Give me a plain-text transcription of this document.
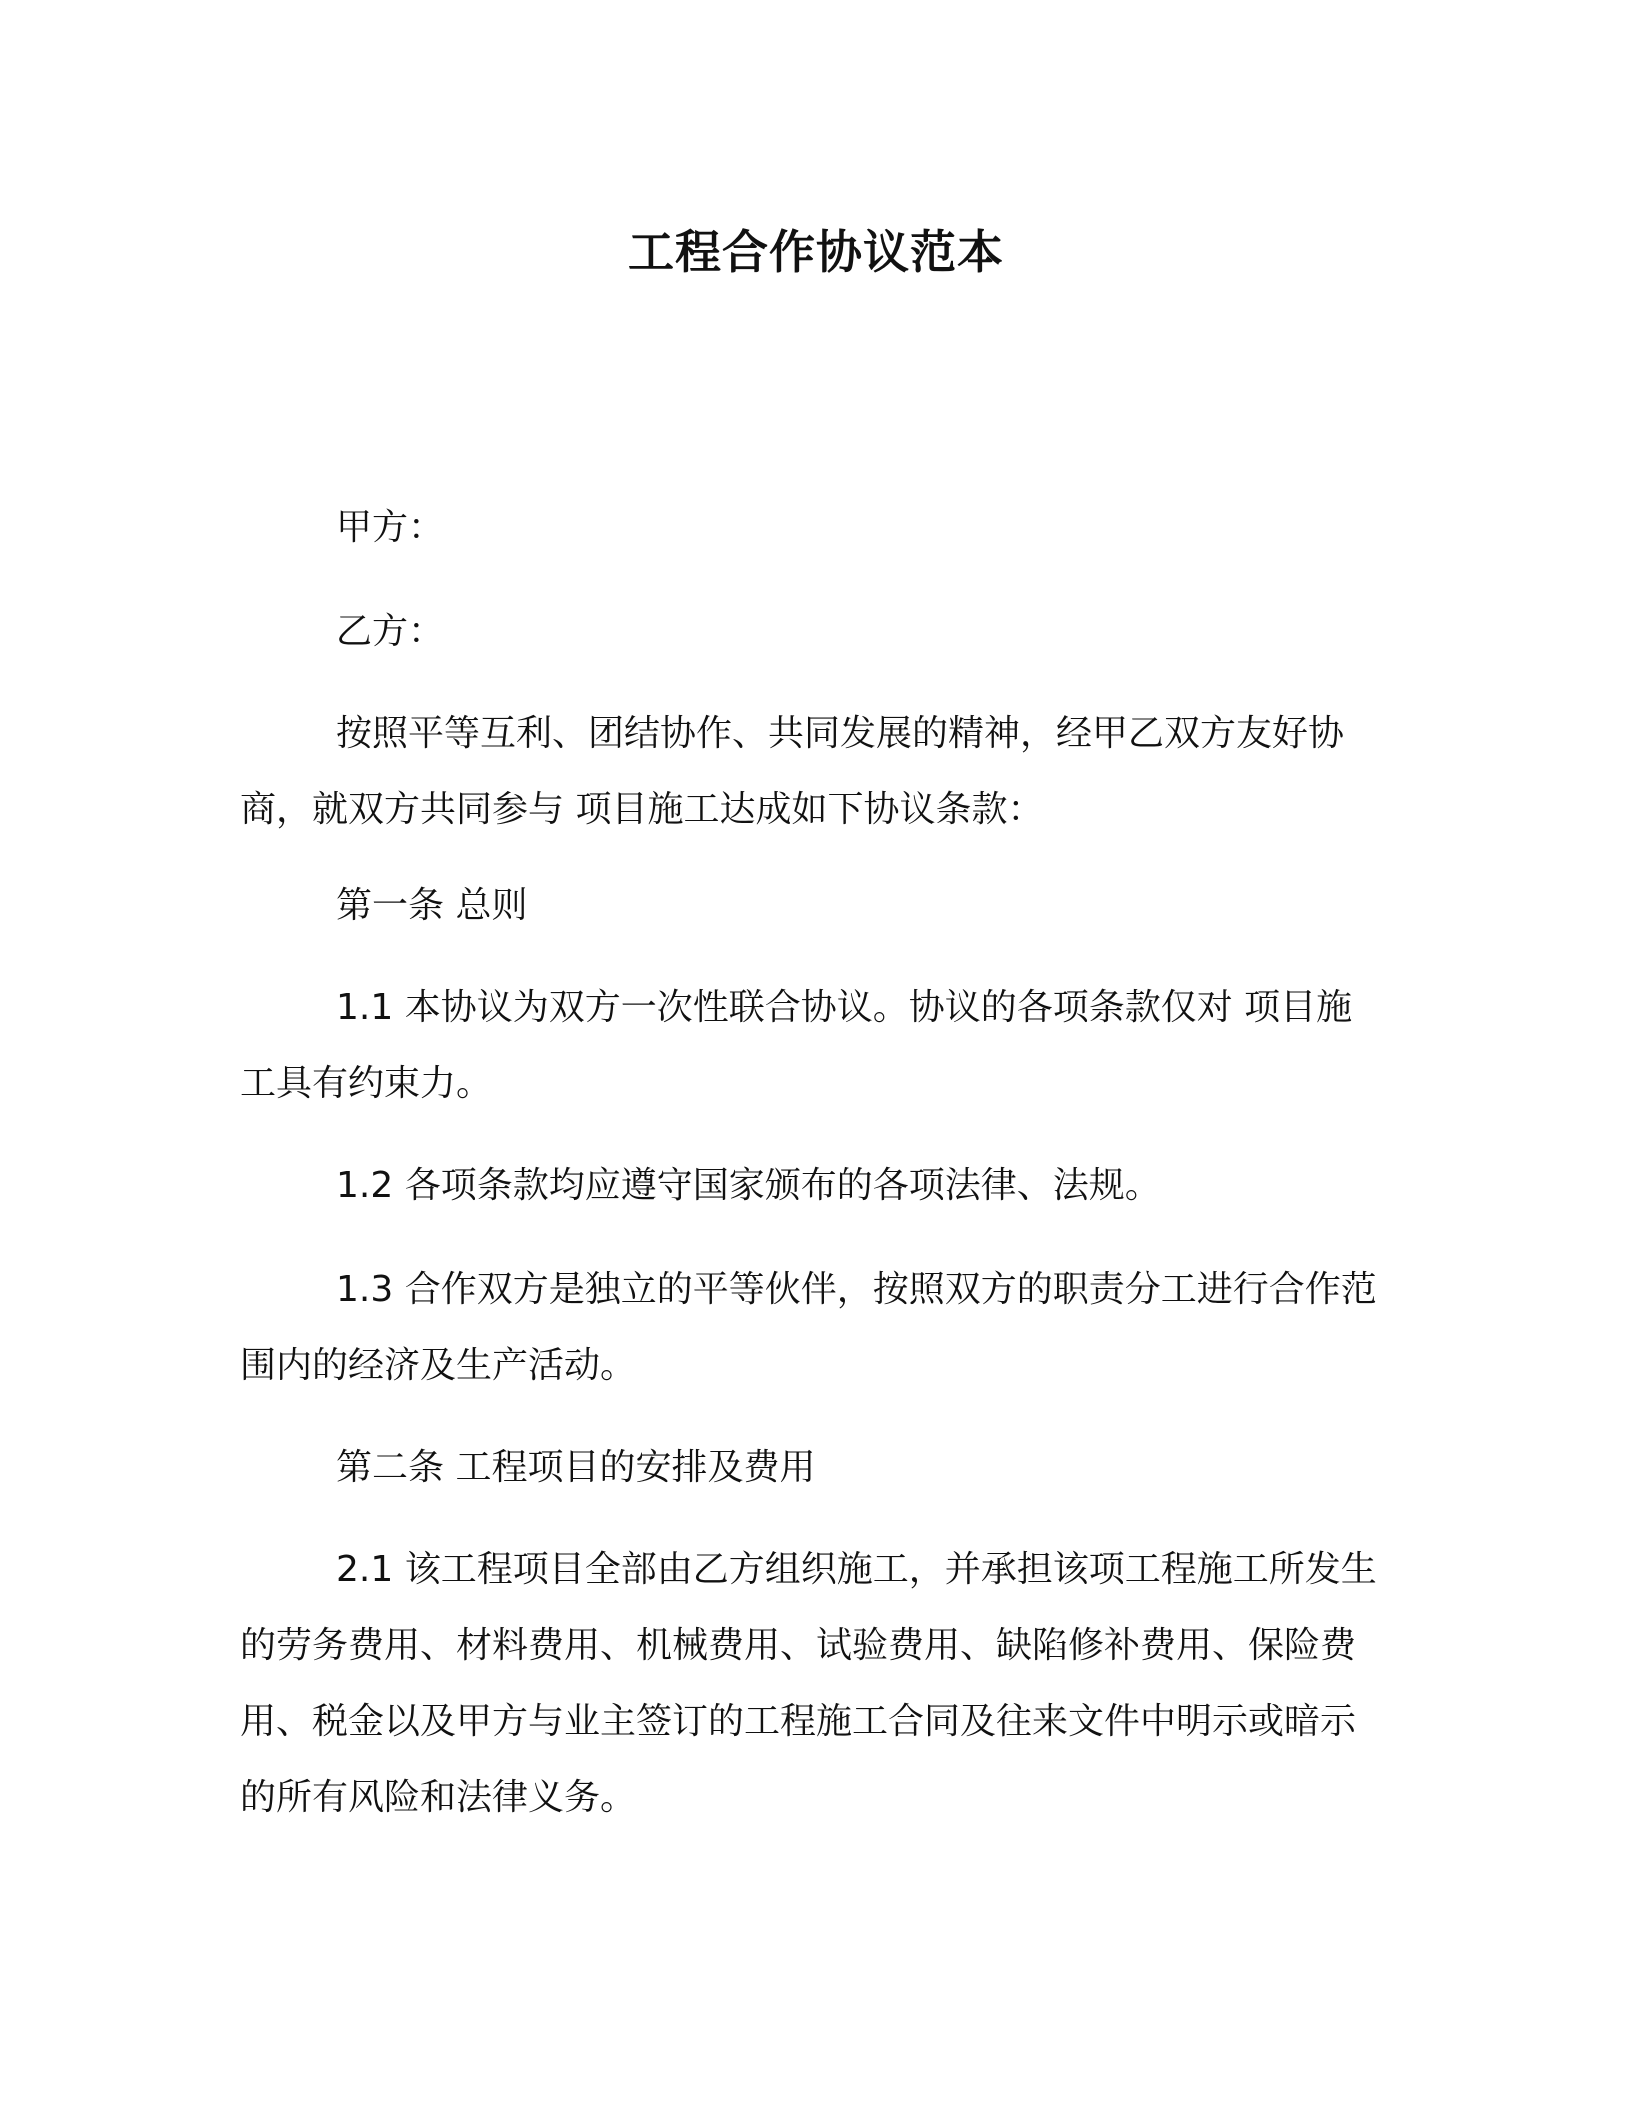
工程合作协议范本

甲方：

乙方：

按照平等互利、团结协作、共同发展的精神，经甲乙双方友好协商，就双方共同参与 项目施工达成如下协议条款：

第一条 总则

1.1 本协议为双方一次性联合协议。协议的各项条款仅对 项目施工具有约束力。

1.2 各项条款均应遵守国家颁布的各项法律、法规。

1.3 合作双方是独立的平等伙伴，按照双方的职责分工进行合作范围内的经济及生产活动。

第二条 工程项目的安排及费用

2.1 该工程项目全部由乙方组织施工，并承担该项工程施工所发生的劳务费用、材料费用、机械费用、试验费用、缺陷修补费用、保险费用、税金以及甲方与业主签订的工程施工合同及往来文件中明示或暗示的所有风险和法律义务。
